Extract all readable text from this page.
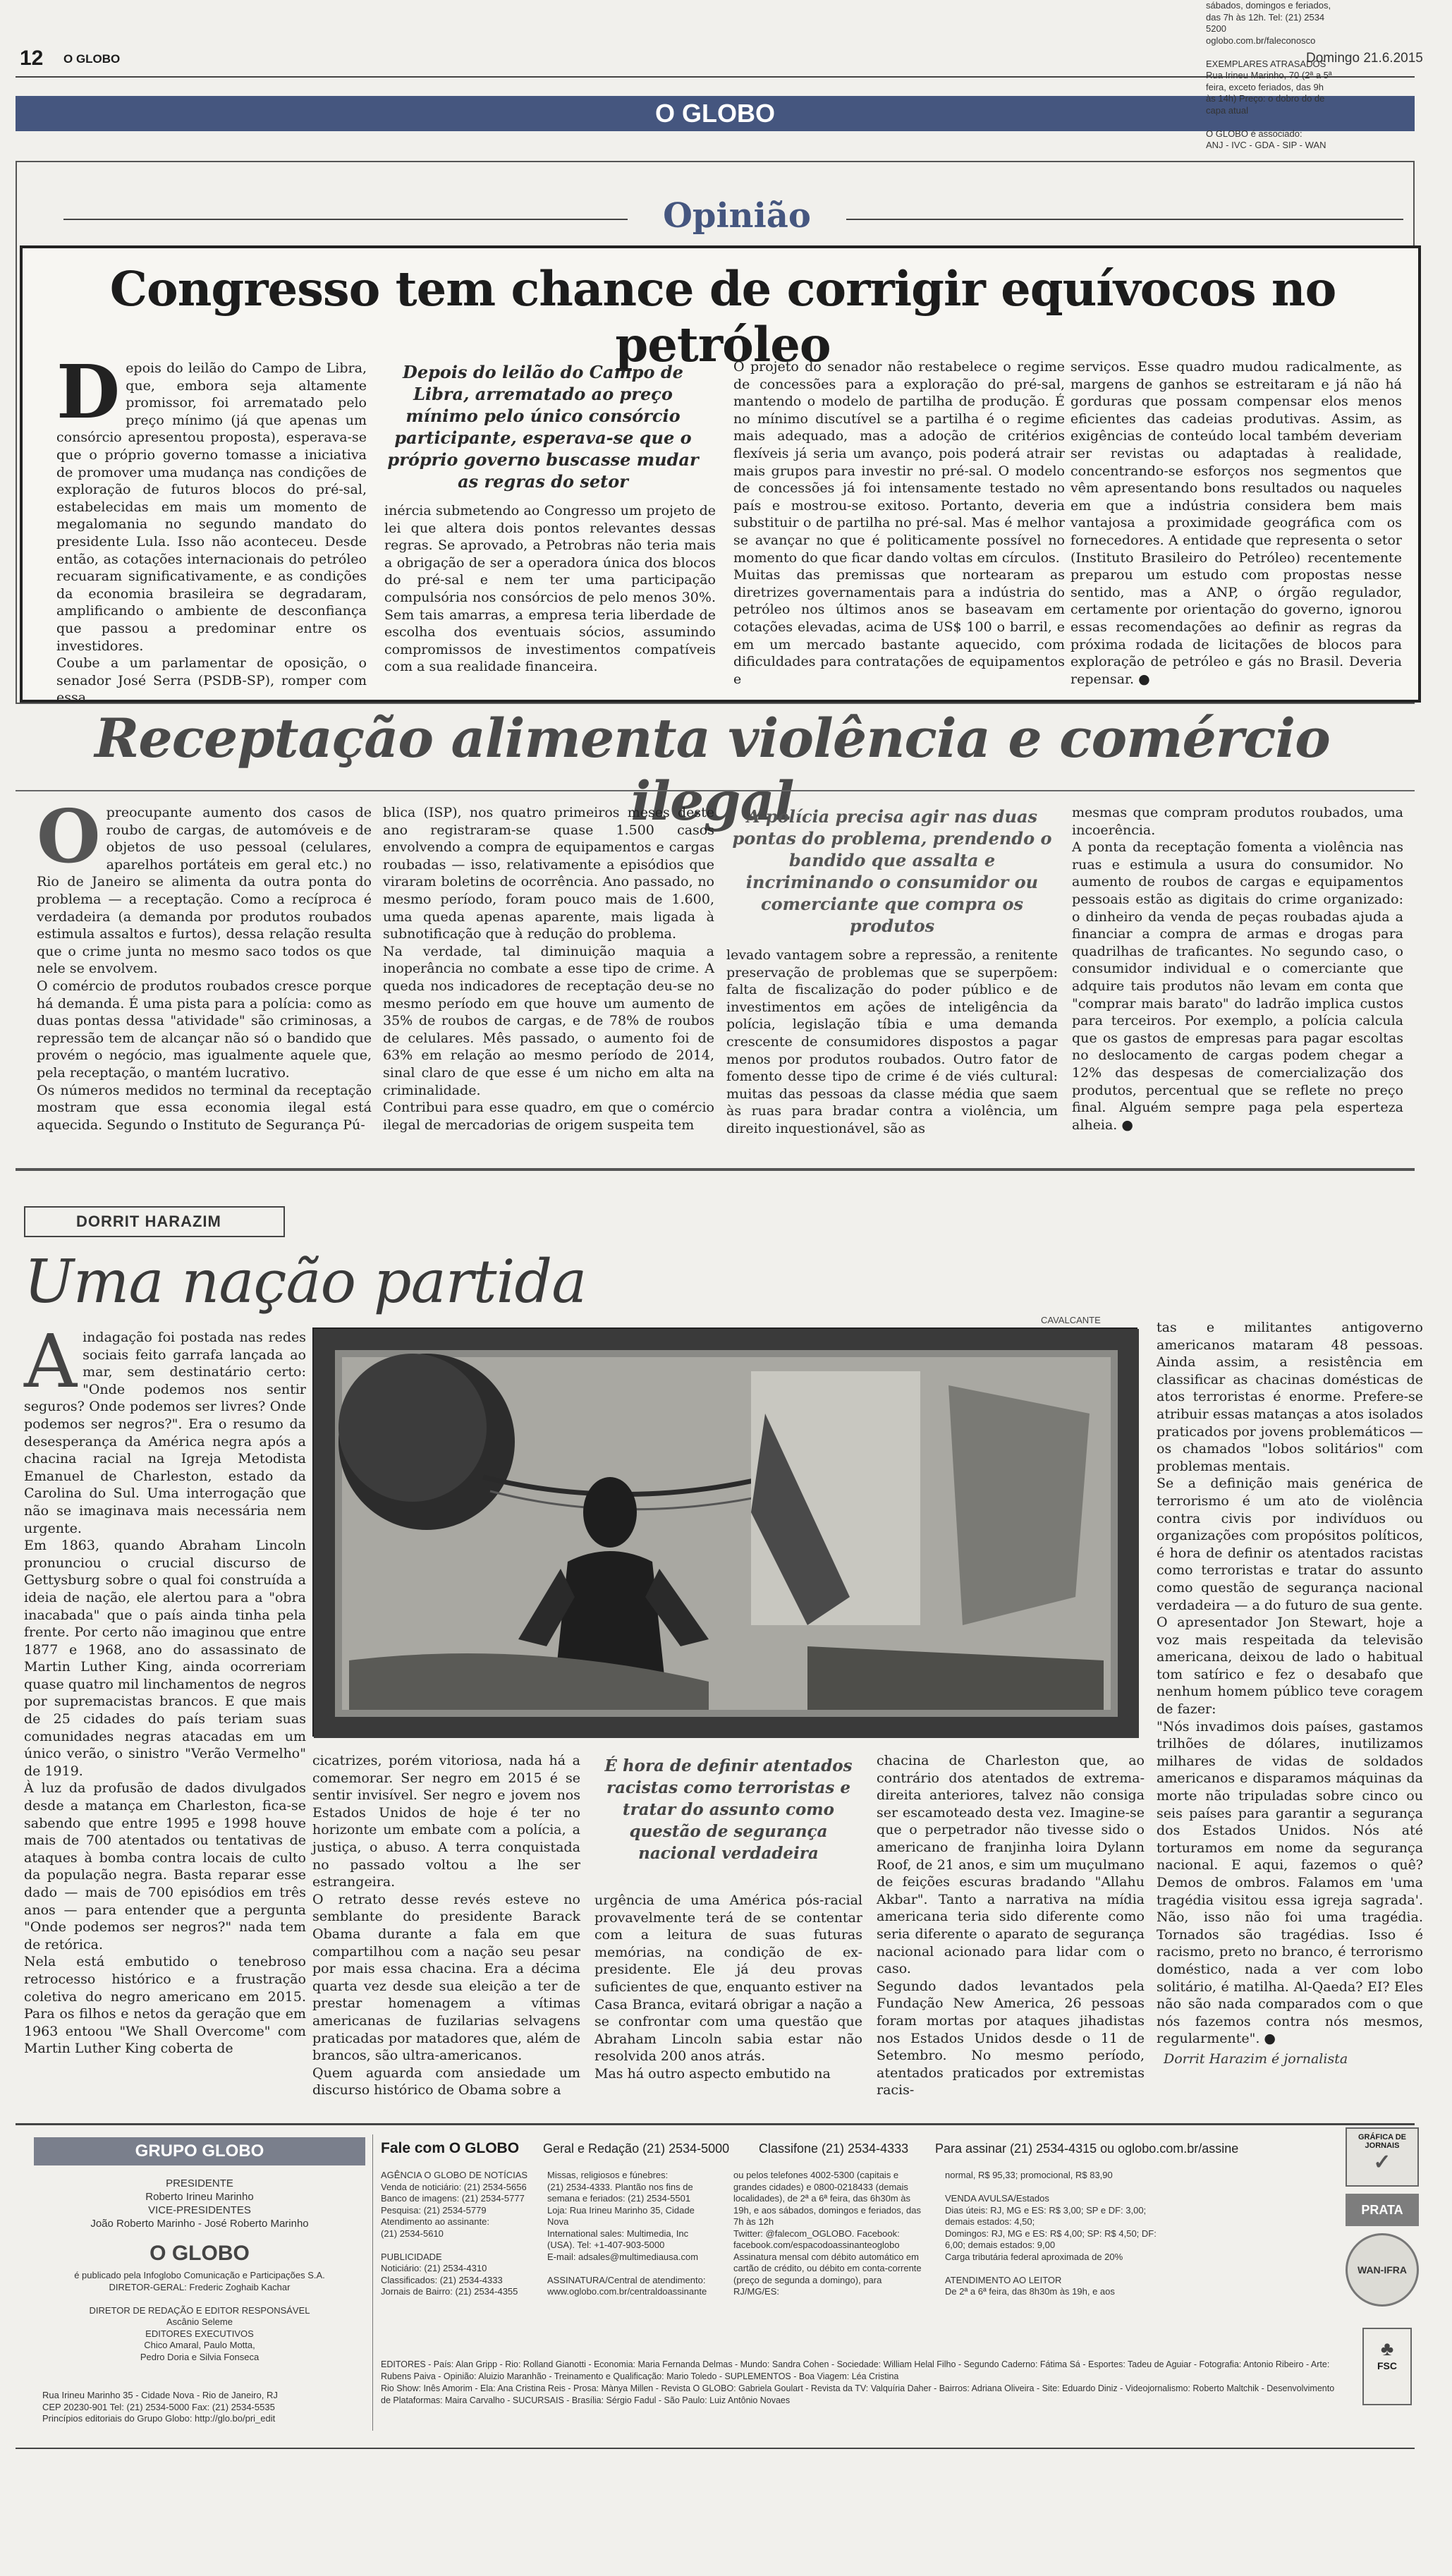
12 O GLOBO	Domingo 21.6.2015
O GLOBO
Opinião
Congresso tem chance de corrigir equívocos no petróleo
Depois do leilão do Campo de Libra, que, embora seja altamente promissor, foi arrematado pelo preço mínimo (já que apenas um consórcio apresentou proposta), esperava-se que o próprio governo tomasse a iniciativa de promover uma mudança nas condições de exploração de futuros blocos do pré-sal, estabelecidas em mais um momento de megalomania no segundo mandato do presidente Lula. Isso não aconteceu. Desde então, as cotações internacionais do petróleo recuaram significativamente, e as condições da economia brasileira se degradaram, amplificando o ambiente de desconfiança que passou a predominar entre os investidores.
Coube a um parlamentar de oposição, o senador José Serra (PSDB-SP), romper com essa
Depois do leilão do Campo de Libra, arrematado ao preço mínimo pelo único consórcio participante, esperava-se que o próprio governo buscasse mudar as regras do setor
inércia submetendo ao Congresso um projeto de lei que altera dois pontos relevantes dessas regras. Se aprovado, a Petrobras não teria mais a obrigação de ser a operadora única dos blocos do pré-sal e nem ter uma participação compulsória nos consórcios de pelo menos 30%. Sem tais amarras, a empresa teria liberdade de escolha dos eventuais sócios, assumindo compromissos de investimentos compatíveis com a sua realidade financeira.
O projeto do senador não restabelece o regime de concessões para a exploração do pré-sal, mantendo o modelo de partilha de produção. É no mínimo discutível se a partilha é o regime mais adequado, mas a adoção de critérios flexíveis já seria um avanço, pois poderá atrair mais grupos para investir no pré-sal. O modelo de concessões já foi intensamente testado no país e mostrou-se exitoso. Portanto, deveria substituir o de partilha no pré-sal. Mas é melhor se avançar no que é politicamente possível no momento do que ficar dando voltas em círculos.
Muitas das premissas que nortearam as diretrizes governamentais para a indústria do petróleo nos últimos anos se baseavam em cotações elevadas, acima de US$ 100 o barril, e em um mercado bastante aquecido, com dificuldades para contratações de equipamentos e
serviços. Esse quadro mudou radicalmente, as margens de ganhos se estreitaram e já não há gorduras que possam compensar elos menos eficientes das cadeias produtivas. Assim, as exigências de conteúdo local também deveriam ser revistas ou adaptadas à realidade, concentrando-se esforços nos segmentos que vêm apresentando bons resultados ou naqueles em que a indústria considera bem mais vantajosa a proximidade geográfica com os fornecedores. A entidade que representa o setor (Instituto Brasileiro do Petróleo) recentemente preparou um estudo com propostas nesse sentido, mas a ANP, o órgão regulador, certamente por orientação do governo, ignorou essas recomendações ao definir as regras da próxima rodada de licitações de blocos para exploração de petróleo e gás no Brasil. Deveria repensar. ●
Receptação alimenta violência e comércio ilegal
Opreocupante aumento dos casos de roubo de cargas, de automóveis e de objetos de uso pessoal (celulares, aparelhos portáteis em geral etc.) no Rio de Janeiro se alimenta da outra ponta do problema — a receptação. Como a recíproca é verdadeira (a demanda por produtos roubados estimula assaltos e furtos), dessa relação resulta que o crime junta no mesmo saco todos os que nele se envolvem.
O comércio de produtos roubados cresce porque há demanda. É uma pista para a polícia: como as duas pontas dessa "atividade" são criminosas, a repressão tem de alcançar não só o bandido que provém o negócio, mas igualmente aquele que, pela receptação, o mantém lucrativo.
Os números medidos no terminal da receptação mostram que essa economia ilegal está aquecida. Segundo o Instituto de Segurança Pú-
blica (ISP), nos quatro primeiros meses deste ano registraram-se quase 1.500 casos envolvendo a compra de equipamentos e cargas roubadas — isso, relativamente a episódios que viraram boletins de ocorrência. Ano passado, no mesmo período, foram pouco mais de 1.600, uma queda apenas aparente, mais ligada à subnotificação que à redução do problema.
Na verdade, tal diminuição maquia a inoperância no combate a esse tipo de crime. A queda nos indicadores de receptação deu-se no mesmo período em que houve um aumento de 35% de roubos de cargas, e de 78% de roubos de celulares. Mês passado, o aumento foi de 63% em relação ao mesmo período de 2014, sinal claro de que esse é um nicho em alta na criminalidade.
Contribui para esse quadro, em que o comércio ilegal de mercadorias de origem suspeita tem
A polícia precisa agir nas duas pontas do problema, prendendo o bandido que assalta e incriminando o consumidor ou comerciante que compra os produtos
levado vantagem sobre a repressão, a renitente preservação de problemas que se superpõem: falta de fiscalização do poder público e de investimentos em ações de inteligência da polícia, legislação tíbia e uma demanda crescente de consumidores dispostos a pagar menos por produtos roubados. Outro fator de fomento desse tipo de crime é de viés cultural: muitas das pessoas da classe média que saem às ruas para bradar contra a violência, um direito inquestionável, são as
mesmas que compram produtos roubados, uma incoerência.
A ponta da receptação fomenta a violência nas ruas e estimula a usura do consumidor. No aumento de roubos de cargas e equipamentos pessoais estão as digitais do crime organizado: o dinheiro da venda de peças roubadas ajuda a financiar a compra de armas e drogas para quadrilhas de traficantes. No segundo caso, o consumidor individual e o comerciante que adquire tais produtos não levam em conta que "comprar mais barato" do ladrão implica custos para terceiros. Por exemplo, a polícia calcula que os gastos de empresas para pagar escoltas no deslocamento de cargas podem chegar a 12% das despesas de comercialização dos produtos, percentual que se reflete no preço final. Alguém sempre paga pela esperteza alheia. ●
DORRIT HARAZIM
Uma nação partida
Aindagação foi postada nas redes sociais feito garrafa lançada ao mar, sem destinatário certo: "Onde podemos nos sentir seguros? Onde podemos ser livres? Onde podemos ser negros?". Era o resumo da desesperança da América negra após a chacina racial na Igreja Metodista Emanuel de Charleston, estado da Carolina do Sul. Uma interrogação que não se imaginava mais necessária nem urgente.
Em 1863, quando Abraham Lincoln pronunciou o crucial discurso de Gettysburg sobre o qual foi construída a ideia de nação, ele alertou para a "obra inacabada" que o país ainda tinha pela frente. Por certo não imaginou que entre 1877 e 1968, ano do assassinato de Martin Luther King, ainda ocorreriam quase quatro mil linchamentos de negros por supremacistas brancos. E que mais de 25 cidades do país teriam suas comunidades negras atacadas em um único verão, o sinistro "Verão Vermelho" de 1919.
À luz da profusão de dados divulgados desde a matança em Charleston, fica-se sabendo que entre 1995 e 1998 houve mais de 700 atentados ou tentativas de ataques à bomba contra locais de culto da população negra. Basta reparar esse dado — mais de 700 episódios em três anos — para entender que a pergunta "Onde podemos ser negros?" nada tem de retórica.
Nela está embutido o tenebroso retrocesso histórico e a frustração coletiva do negro americano em 2015. Para os filhos e netos da geração que em 1963 entoou "We Shall Overcome" com Martin Luther King coberta de
CAVALCANTE
cicatrizes, porém vitoriosa, nada há a comemorar. Ser negro em 2015 é se sentir invisível. Ser negro e jovem nos Estados Unidos de hoje é ter no horizonte um embate com a polícia, a justiça, o abuso. A terra conquistada no passado voltou a lhe ser estrangeira.
O retrato desse revés esteve no semblante do presidente Barack Obama durante a fala em que compartilhou com a nação seu pesar por mais essa chacina. Era a décima quarta vez desde sua eleição a ter de prestar homenagem a vítimas americanas de fuzilarias selvagens praticadas por matadores que, além de brancos, são ultra-americanos.
Quem aguarda com ansiedade um discurso histórico de Obama sobre a
É hora de definir atentados racistas como terroristas e tratar do assunto como questão de segurança nacional verdadeira
urgência de uma América pós-racial provavelmente terá de se contentar com a leitura de suas futuras memórias, na condição de ex-presidente. Ele já deu provas suficientes de que, enquanto estiver na Casa Branca, evitará obrigar a nação a se confrontar com uma questão que Abraham Lincoln sabia estar não resolvida 200 anos atrás.
Mas há outro aspecto embutido na
chacina de Charleston que, ao contrário dos atentados de extrema-direita anteriores, talvez não consiga ser escamoteado desta vez. Imagine-se que o perpetrador não tivesse sido o americano de franjinha loira Dylann Roof, de 21 anos, e sim um muçulmano de feições escuras bradando "Allahu Akbar". Tanto a narrativa na mídia americana teria sido diferente como seria diferente o aparato de segurança nacional acionado para lidar com o caso.
Segundo dados levantados pela Fundação New America, 26 pessoas foram mortas por ataques jihadistas nos Estados Unidos desde o 11 de Setembro. No mesmo período, atentados praticados por extremistas racis-
tas e militantes antigoverno americanos mataram 48 pessoas. Ainda assim, a resistência em classificar as chacinas domésticas de atos terroristas é enorme. Prefere-se atribuir essas matanças a atos isolados praticados por jovens problemáticos — os chamados "lobos solitários" com problemas mentais.
Se a definição mais genérica de terrorismo é um ato de violência contra civis por indivíduos ou organizações com propósitos políticos, é hora de definir os atentados racistas como terroristas e tratar do assunto como questão de segurança nacional verdadeira — a do futuro de sua gente.
O apresentador Jon Stewart, hoje a voz mais respeitada da televisão americana, deixou de lado o habitual tom satírico e fez o desabafo que nenhum homem público teve coragem de fazer:
"Nós invadimos dois países, gastamos trilhões de dólares, inutilizamos milhares de vidas de soldados americanos e disparamos máquinas da morte não tripuladas sobre cinco ou seis países para garantir a segurança dos Estados Unidos. Nós até torturamos em nome da segurança nacional. E aqui, fazemos o quê? Demos de ombros. Falamos em 'uma tragédia visitou essa igreja sagrada'. Não, isso não foi uma tragédia. Tornados são tragédias. Isso é racismo, preto no branco, é terrorismo doméstico, nada a ver com lobo solitário, é matilha. Al-Qaeda? EI? Eles não são nada comparados com o que nós fazemos contra nós mesmos, regularmente". ●
Dorrit Harazim é jornalista
GRUPO GLOBO
PRESIDENTE
Roberto Irineu Marinho
VICE-PRESIDENTES
João Roberto Marinho - José Roberto Marinho
O GLOBO
é publicado pela Infoglobo Comunicação e Participações S.A.
DIRETOR-GERAL: Frederic Zoghaib Kachar

DIRETOR DE REDAÇÃO E EDITOR RESPONSÁVEL
Ascânio Seleme
EDITORES EXECUTIVOS
Chico Amaral, Paulo Motta,
Pedro Doria e Silvia Fonseca
Rua Irineu Marinho 35 - Cidade Nova - Rio de Janeiro, RJ
CEP 20230-901 Tel: (21) 2534-5000 Fax: (21) 2534-5535
Princípios editoriais do Grupo Globo: http://glo.bo/pri_edit
Fale com O GLOBO Geral e Redação (21) 2534-5000 Classifone (21) 2534-4333 Para assinar (21) 2534-4315 ou oglobo.com.br/assine
AGÊNCIA O GLOBO DE NOTÍCIAS
Venda de noticiário: (21) 2534-5656
Banco de imagens: (21) 2534-5777
Pesquisa: (21) 2534-5779
Atendimento ao assinante:
(21) 2534-5610

PUBLICIDADE
Noticiário: (21) 2534-4310
Classificados: (21) 2534-4333
Jornais de Bairro: (21) 2534-4355
Missas, religiosos e fúnebres:
(21) 2534-4333. Plantão nos fins de semana e feriados: (21) 2534-5501
Loja: Rua Irineu Marinho 35, Cidade Nova
International sales: Multimedia, Inc (USA). Tel: +1-407-903-5000
E-mail: adsales@multimediausa.com

ASSINATURA/Central de atendimento: www.oglobo.com.br/centraldoassinante
ou pelos telefones 4002-5300 (capitais e grandes cidades) e 0800-0218433 (demais localidades), de 2ª a 6ª feira, das 6h30m às 19h, e aos sábados, domingos e feriados, das 7h às 12h
Twitter: @falecom_OGLOBO. Facebook: facebook.com/espacodoassinanteoglobo
Assinatura mensal com débito automático em cartão de crédito, ou débito em conta-corrente (preço de segunda a domingo), para RJ/MG/ES:
normal, R$ 95,33; promocional, R$ 83,90

VENDA AVULSA/Estados
Dias úteis: RJ, MG e ES: R$ 3,00; SP e DF: 3,00; demais estados: 4,50;
Domingos: RJ, MG e ES: R$ 4,00; SP: R$ 4,50; DF: 6,00; demais estados: 9,00
Carga tributária federal aproximada de 20%

ATENDIMENTO AO LEITOR
De 2ª a 6ª feira, das 8h30m às 19h, e aos
sábados, domingos e feriados, das 7h às 12h. Tel: (21) 2534 5200 oglobo.com.br/faleconosco

EXEMPLARES ATRASADOS
Rua Irineu Marinho, 70 (2ª a 5ª feira, exceto feriados, das 9h às 14h) Preço: o dobro do de capa atual

O GLOBO é associado:
ANJ - IVC - GDA - SIP - WAN
EDITORES - País: Alan Gripp - Rio: Rolland Gianotti - Economia: Maria Fernanda Delmas - Mundo: Sandra Cohen - Sociedade: William Helal Filho - Segundo Caderno: Fátima Sá - Esportes: Tadeu de Aguiar - Fotografia: Antonio Ribeiro - Arte: Rubens Paiva - Opinião: Aluizio Maranhão - Treinamento e Qualificação: Mario Toledo - SUPLEMENTOS - Boa Viagem: Léa Cristina
Rio Show: Inês Amorim - Ela: Ana Cristina Reis - Prosa: Mànya Millen - Revista O GLOBO: Gabriela Goulart - Revista da TV: Valquíria Daher - Bairros: Adriana Oliveira - Site: Eduardo Diniz - Videojornalismo: Roberto Maltchik - Desenvolvimento de Plataformas: Maira Carvalho - SUCURSAIS - Brasília: Sérgio Fadul - São Paulo: Luiz Antônio Novaes
GRÁFICA DE JORNAIS
✓
PRATA
WAN-IFRA
♣
FSC
